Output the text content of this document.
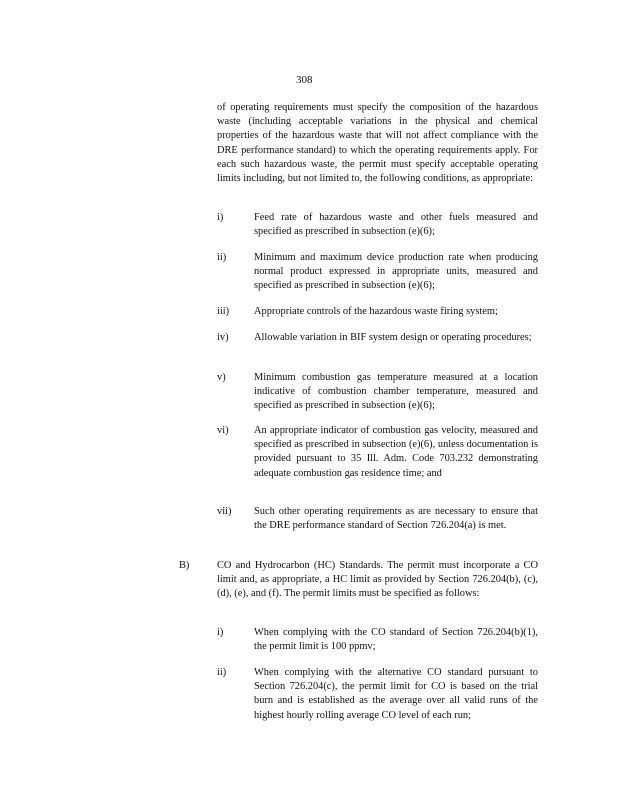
308

of operating requirements must specify the composition of the hazardous waste (including acceptable variations in the physical and chemical properties of the hazardous waste that will not affect compliance with the DRE performance standard) to which the operating requirements apply. For each such hazardous waste, the permit must specify acceptable operating limits including, but not limited to, the following conditions, as appropriate:

i)	Feed rate of hazardous waste and other fuels measured and specified as prescribed in subsection (e)(6);

ii)	Minimum and maximum device production rate when producing normal product expressed in appropriate units, measured and specified as prescribed in subsection (e)(6);

iii) Appropriate controls of the hazardous waste firing system;

iv) Allowable variation in BIF system design or operating procedures;

v)	Minimum combustion gas temperature measured at a location indicative of combustion chamber temperature, measured and specified as prescribed in subsection (e)(6);

vi) An appropriate indicator of combustion gas velocity, measured and specified as prescribed in subsection (e)(6), unless documentation is provided pursuant to 35 Ill. Adm. Code 703.232 demonstrating adequate combustion gas residence time; and

vii) Such other operating requirements as are necessary to ensure that the DRE performance standard of Section 726.204(a) is met.

B)	CO and Hydrocarbon (HC) Standards. The permit must incorporate a CO limit and, as appropriate, a HC limit as provided by Section 726.204(b), (c), (d), (e), and (f). The permit limits must be specified as follows:

i)	When complying with the CO standard of Section 726.204(b)(1), the permit limit is 100 ppmv;

ii)	When complying with the alternative CO standard pursuant to Section 726.204(c), the permit limit for CO is based on the trial burn and is established as the average over all valid runs of the highest hourly rolling average CO level of each run;
